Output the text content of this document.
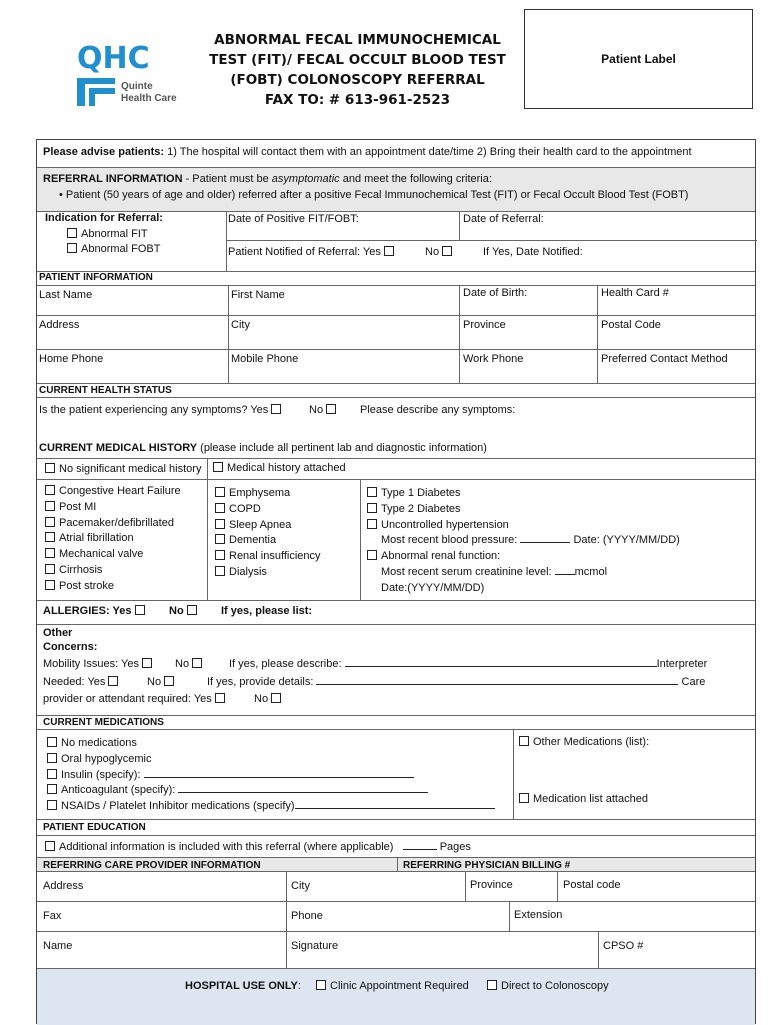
QHC
Quinte
Health Care
ABNORMAL FECAL IMMUNOCHEMICAL
TEST (FIT)/ FECAL OCCULT BLOOD TEST
(FOBT) COLONOSCOPY REFERRAL
FAX TO: # 613-961-2523
Patient Label
Please advise patients: 1) The hospital will contact them with an appointment date/time 2) Bring their health card to the appointment
REFERRAL INFORMATION - Patient must be asymptomatic and meet the following criteria:
• Patient (50 years of age and older) referred after a positive Fecal Immunochemical Test (FIT) or Fecal Occult Blood Test (FOBT)
Indication for Referral:
Abnormal FIT
Abnormal FOBT
Date of Positive FIT/FOBT:	Date of Referral:
Patient Notified of Referral: Yes	No	If Yes, Date Notified:
PATIENT INFORMATION
Last Name	First Name	Date of Birth:	Health Card #
Address	City	Province	Postal Code
Home Phone	Mobile Phone	Work Phone	Preferred Contact Method
CURRENT HEALTH STATUS
Is the patient experiencing any symptoms? Yes	No	Please describe any symptoms:
CURRENT MEDICAL HISTORY (please include all pertinent lab and diagnostic information)
No significant medical history	Medical history attached
Congestive Heart Failure
Post MI
Pacemaker/defibrillated
Atrial fibrillation
Mechanical valve
Cirrhosis
Post stroke
Emphysema
COPD
Sleep Apnea
Dementia
Renal insufficiency
Dialysis
Type 1 Diabetes
Type 2 Diabetes
Uncontrolled hypertension
Most recent blood pressure:	Date: (YYYY/MM/DD)
Abnormal renal function:
Most recent serum creatinine level: mcmol
Date:(YYYY/MM/DD)
ALLERGIES: Yes	No	If yes, please list:
Other
Concerns:
Mobility Issues: Yes	No	If yes, please describe:	Interpreter
Needed: Yes	No	If yes, provide details:	Care
provider or attendant required: Yes	No
CURRENT MEDICATIONS
No medications
Oral hypoglycemic
Insulin (specify):
Anticoagulant (specify):
NSAIDs / Platelet Inhibitor medications (specify)
Other Medications (list):
Medication list attached
PATIENT EDUCATION
Additional information is included with this referral (where applicable)	Pages
REFERRING CARE PROVIDER INFORMATION	REFERRING PHYSICIAN BILLING #
Address	City	Province	Postal code
Fax	Phone	Extension
Name	Signature	CPSO #
HOSPITAL USE ONLY:	Clinic Appointment Required	Direct to Colonoscopy
